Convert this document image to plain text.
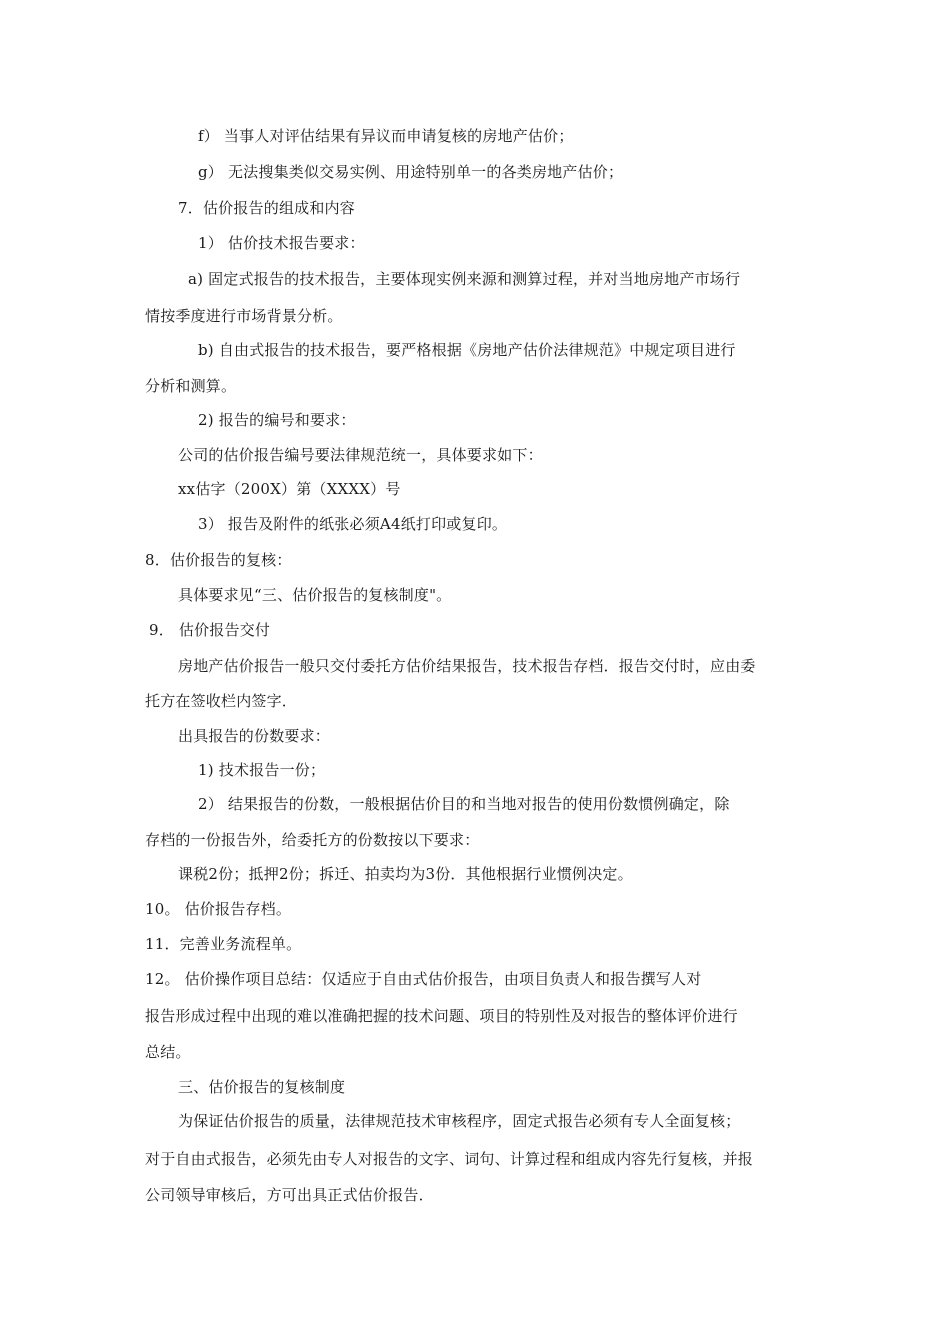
f） 当事人对评估结果有异议而申请复核的房地产估价；
g） 无法搜集类似交易实例、用途特别单一的各类房地产估价；
7．估价报告的组成和内容
1） 估价技术报告要求：
a) 固定式报告的技术报告，主要体现实例来源和测算过程，并对当地房地产市场行
情按季度进行市场背景分析。
b) 自由式报告的技术报告，要严格根据《房地产估价法律规范》中规定项目进行
分析和测算。
2) 报告的编号和要求：
公司的估价报告编号要法律规范统一，具体要求如下：
xx估字（200X）第（XXXX）号
3） 报告及附件的纸张必须A4纸打印或复印。
8．估价报告的复核：
具体要求见“三、估价报告的复核制度"。
9． 估价报告交付
房地产估价报告一般只交付委托方估价结果报告，技术报告存档．报告交付时，应由委
托方在签收栏内签字．
出具报告的份数要求：
1) 技术报告一份；
2） 结果报告的份数，一般根据估价目的和当地对报告的使用份数惯例确定，除
存档的一份报告外，给委托方的份数按以下要求：
课税2份；抵押2份；拆迁、拍卖均为3份．其他根据行业惯例决定。
10。 估价报告存档。
11．完善业务流程单。
12。 估价操作项目总结：仅适应于自由式估价报告，由项目负责人和报告撰写人对
报告形成过程中出现的难以准确把握的技术问题、项目的特别性及对报告的整体评价进行
总结。
三、估价报告的复核制度
为保证估价报告的质量，法律规范技术审核程序，固定式报告必须有专人全面复核；
对于自由式报告，必须先由专人对报告的文字、词句、计算过程和组成内容先行复核，并报
公司领导审核后，方可出具正式估价报告．
